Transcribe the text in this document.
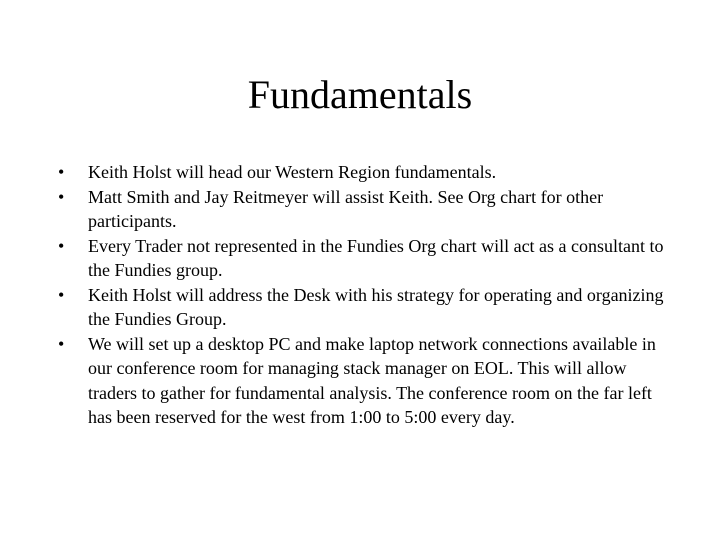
Fundamentals
•	Keith Holst will head our Western Region fundamentals.
•	Matt Smith and Jay Reitmeyer will assist Keith. See Org chart for other participants.
•	Every Trader not represented in the Fundies Org chart will act as a consultant to the Fundies group.
•	Keith Holst will address the Desk with his strategy for operating and organizing the Fundies Group.
•	We will set up a desktop PC and make laptop network connections available in our conference room for managing stack manager on EOL. This will allow traders to gather for fundamental analysis. The conference room on the far left has been reserved for the west from 1:00 to 5:00 every day.
